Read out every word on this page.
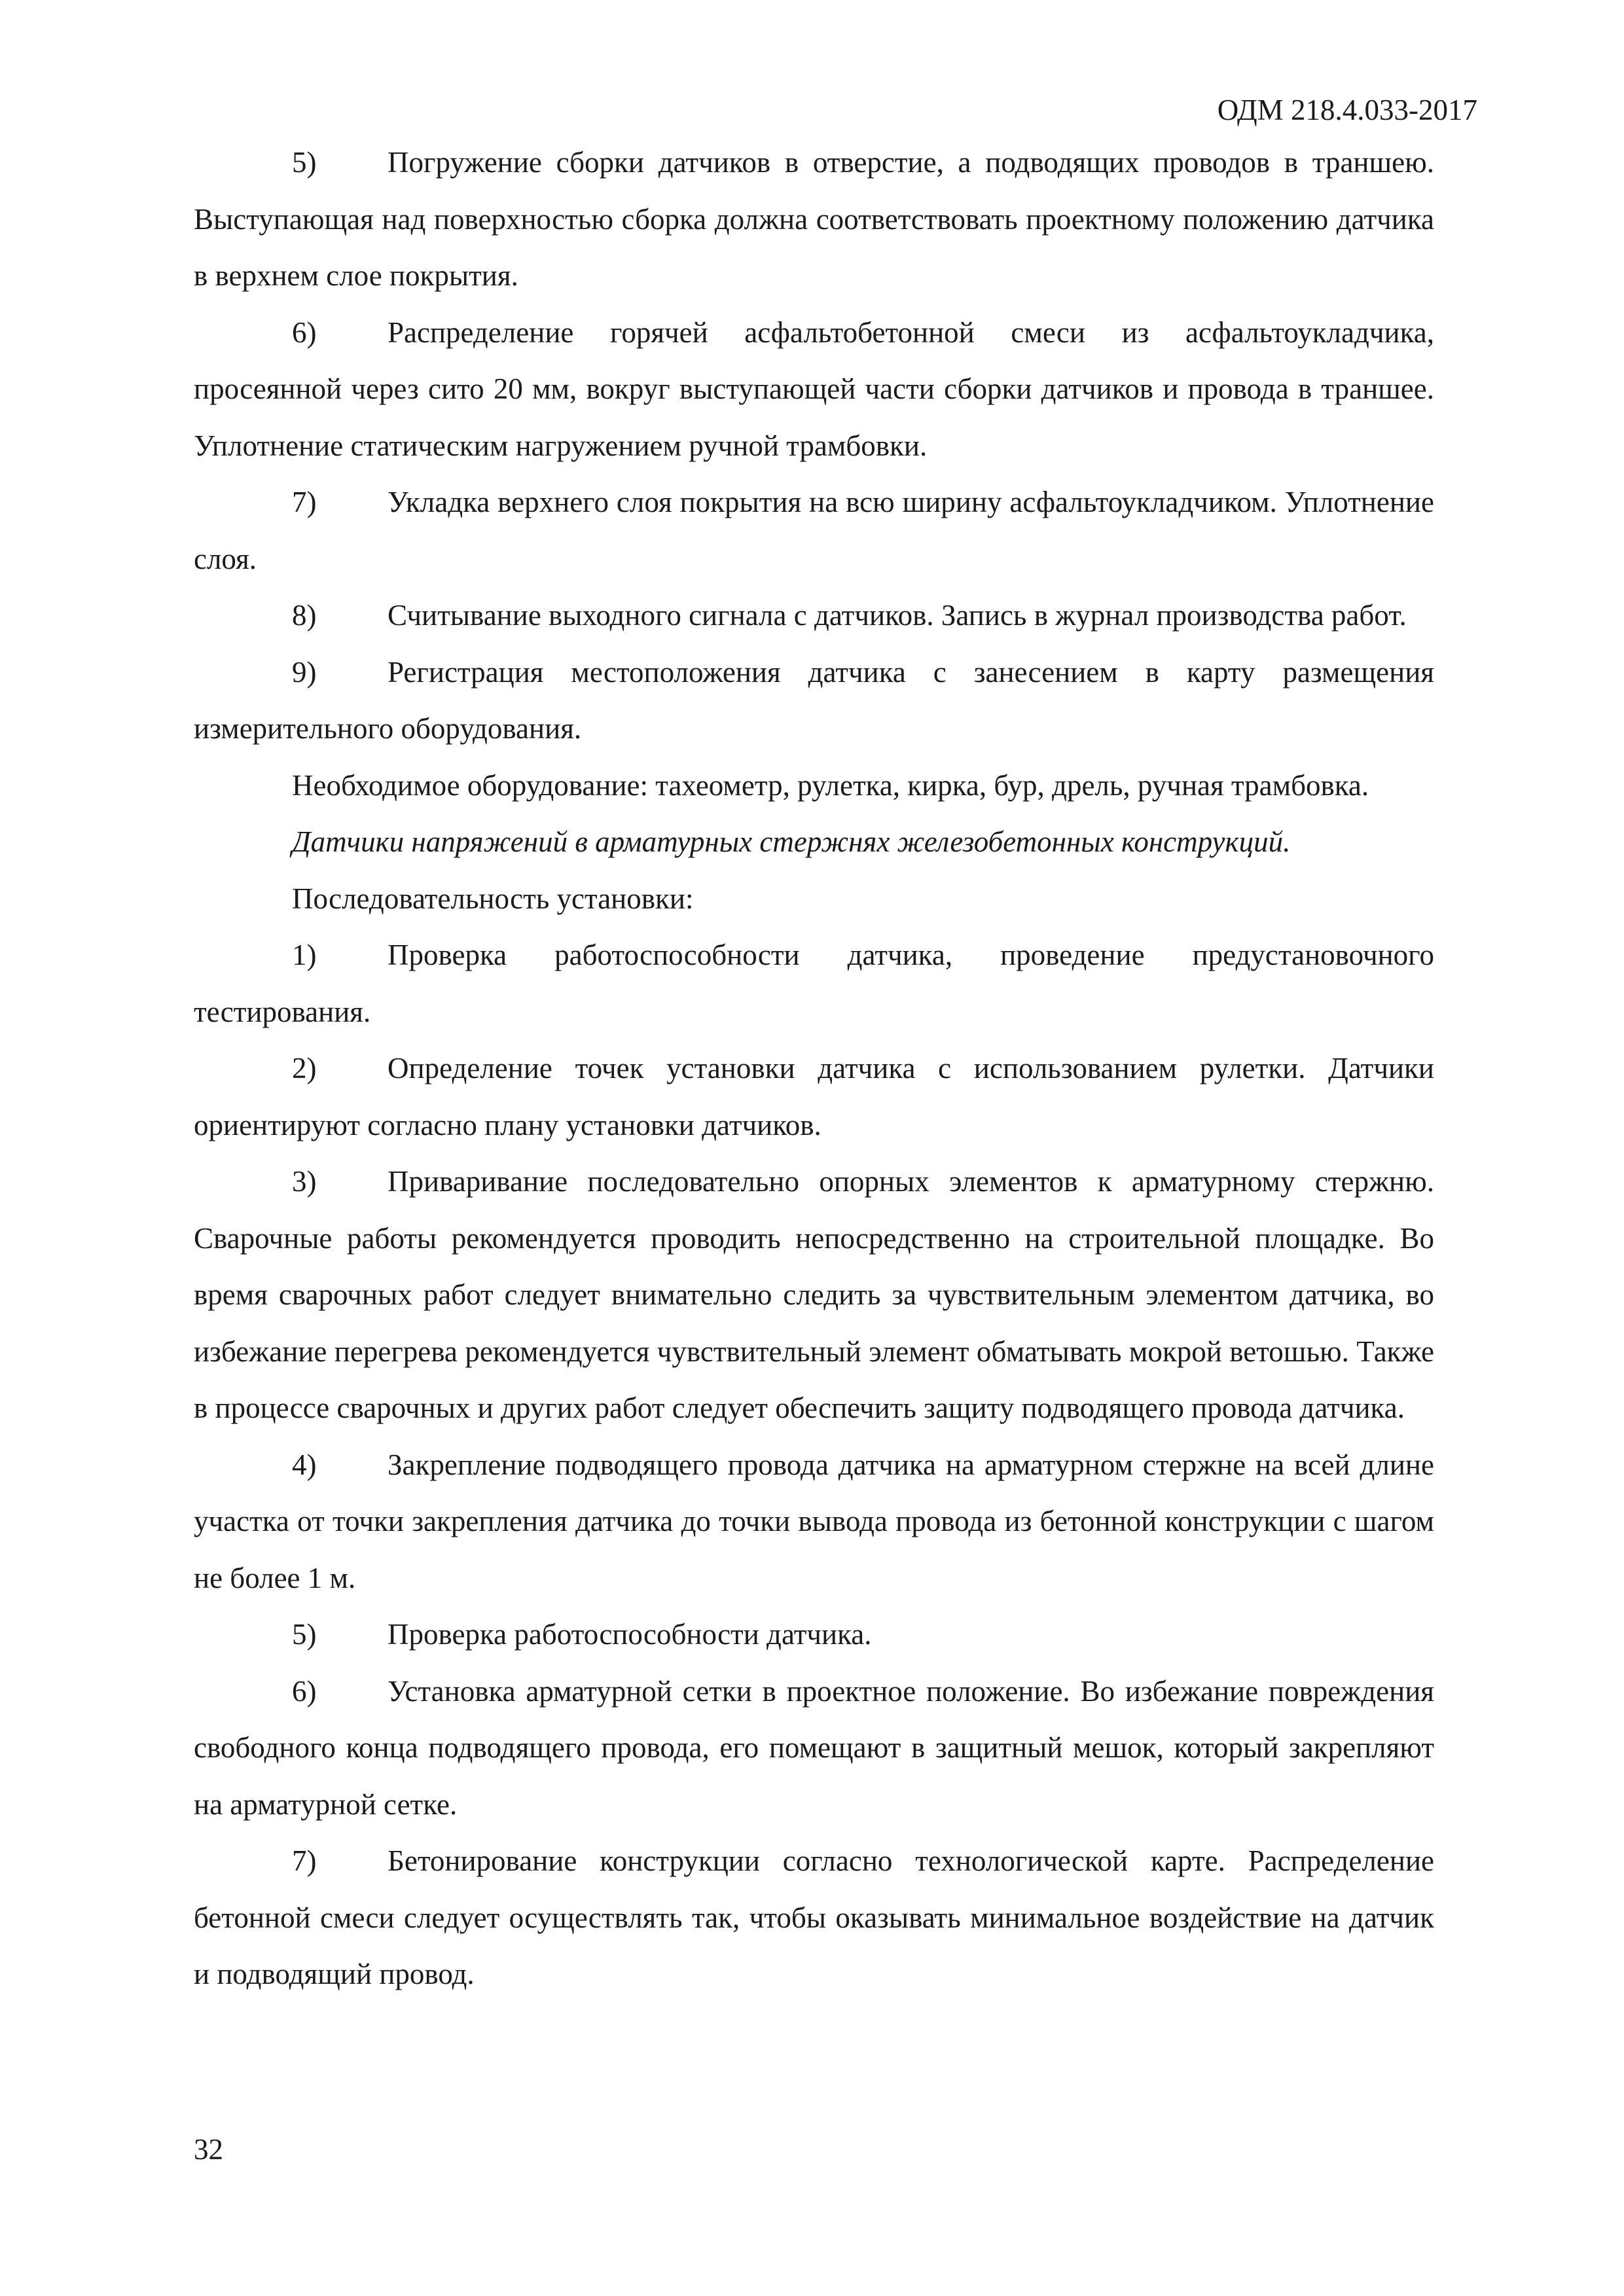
ОДМ 218.4.033-2017

5) Погружение сборки датчиков в отверстие, а подводящих проводов в траншею. Выступающая над поверхностью сборка должна соответствовать проектному положению датчика в верхнем слое покрытия.

6) Распределение горячей асфальтобетонной смеси из асфальтоукладчика, просеянной через сито 20 мм, вокруг выступающей части сборки датчиков и провода в траншее. Уплотнение статическим нагружением ручной трамбовки.

7) Укладка верхнего слоя покрытия на всю ширину асфальтоукладчиком. Уплотнение слоя.

8) Считывание выходного сигнала с датчиков. Запись в журнал производства работ.

9) Регистрация местоположения датчика с занесением в карту размещения измерительного оборудования.

Необходимое оборудование: тахеометр, рулетка, кирка, бур, дрель, ручная трамбовка.

Датчики напряжений в арматурных стержнях железобетонных конструкций.

Последовательность установки:

1) Проверка работоспособности датчика, проведение предустановочного тестирования.

2) Определение точек установки датчика с использованием рулетки. Датчики ориентируют согласно плану установки датчиков.

3) Приваривание последовательно опорных элементов к арматурному стержню. Сварочные работы рекомендуется проводить непосредственно на строительной площадке. Во время сварочных работ следует внимательно следить за чувствительным элементом датчика, во избежание перегрева рекомендуется чувствительный элемент обматывать мокрой ветошью. Также в процессе сварочных и других работ следует обеспечить защиту подводящего провода датчика.

4) Закрепление подводящего провода датчика на арматурном стержне на всей длине участка от точки закрепления датчика до точки вывода провода из бетонной конструкции с шагом не более 1 м.

5) Проверка работоспособности датчика.

6) Установка арматурной сетки в проектное положение. Во избежание повреждения свободного конца подводящего провода, его помещают в защитный мешок, который закрепляют на арматурной сетке.

7) Бетонирование конструкции согласно технологической карте. Распределение бетонной смеси следует осуществлять так, чтобы оказывать минимальное воздействие на датчик и подводящий провод.

32
